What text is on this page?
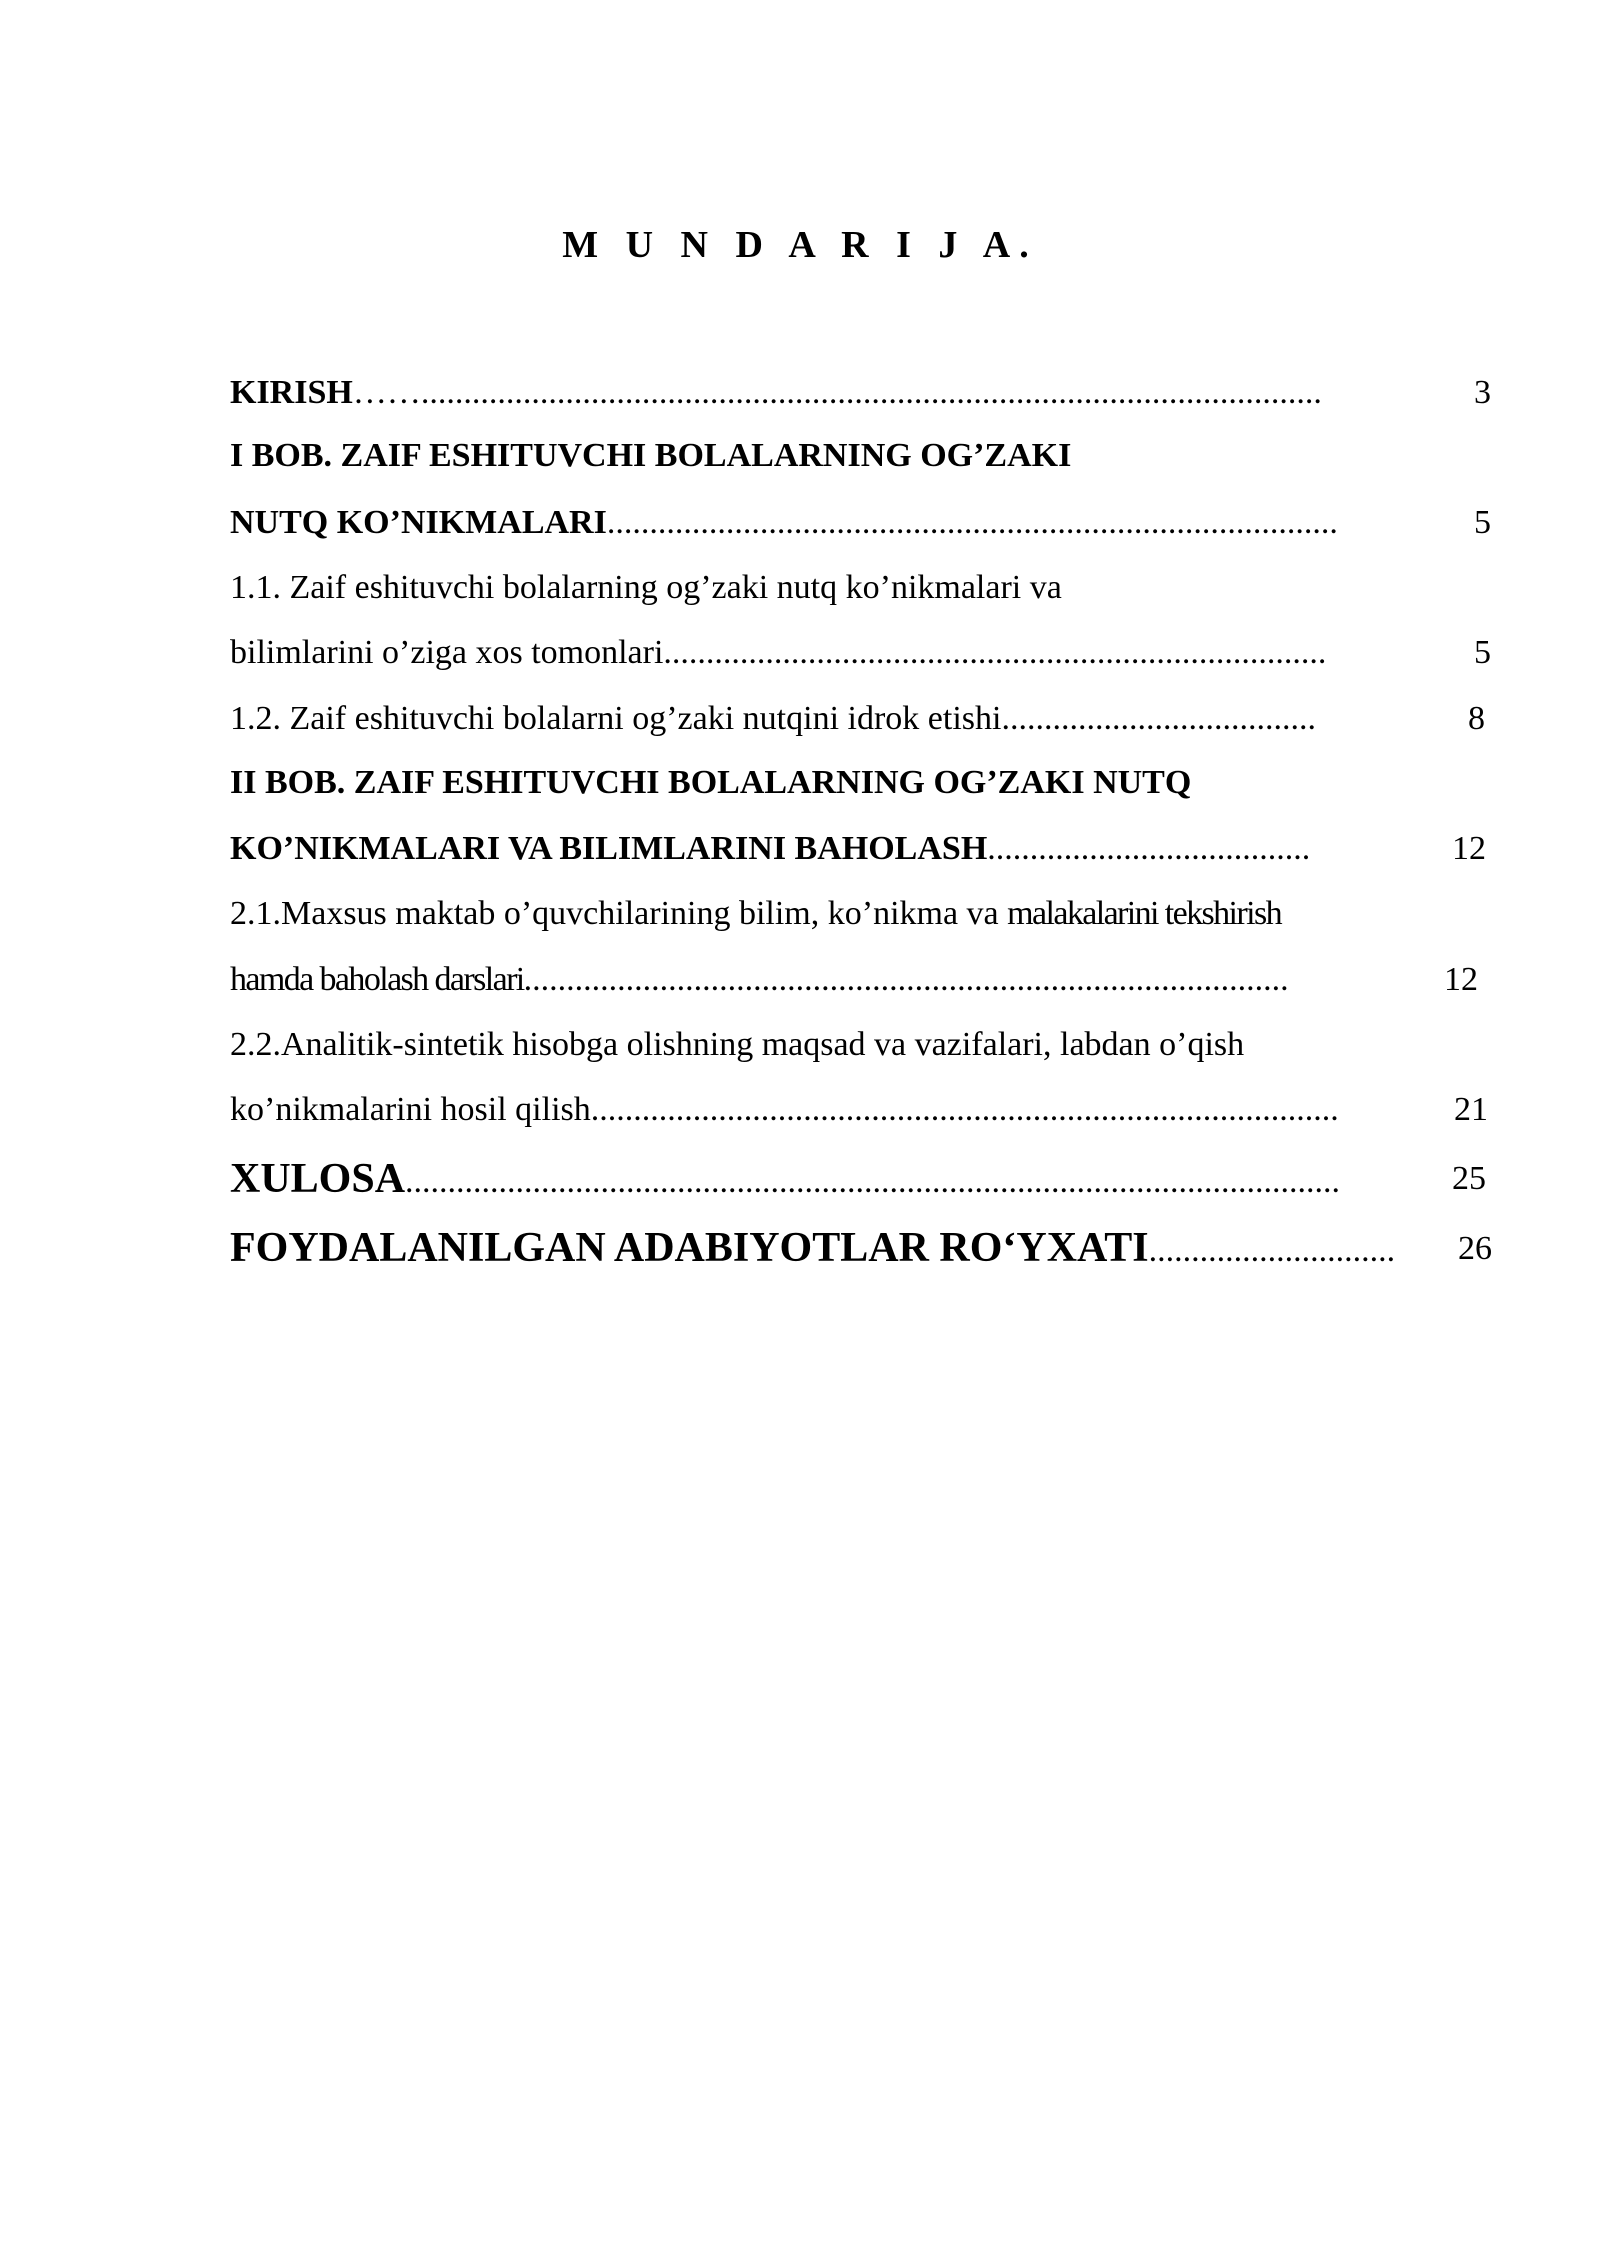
M U N D A R I J A.
KIRISH……..........................................................................................................	3
I BOB. ZAIF ESHITUVCHI BOLALARNING OG’ZAKI
NUTQ KO’NIKMALARI......................................................................................	5
1.1. Zaif eshituvchi bolalarning og’zaki nutq ko’nikmalari va
bilimlarini o’ziga xos tomonlari..............................................................................	5
1.2. Zaif eshituvchi bolalarni og’zaki nutqini idrok etishi.....................................	8
II BOB. ZAIF ESHITUVCHI BOLALARNING OG’ZAKI NUTQ
KO’NIKMALARI VA BILIMLARINI BAHOLASH......................................	12
2.1.Maxsus maktab o’quvchilarining bilim, ko’nikma va malakalarini tekshirish
hamda baholash darslari..........................................................................................	12
2.2.Analitik-sintetik hisobga olishning maqsad va vazifalari, labdan o’qish
ko’nikmalarini hosil qilish........................................................................................	21
XULOSA..............................................................................................................	25
FOYDALANILGAN ADABIYOTLAR RO‘YXATI.............................	26
